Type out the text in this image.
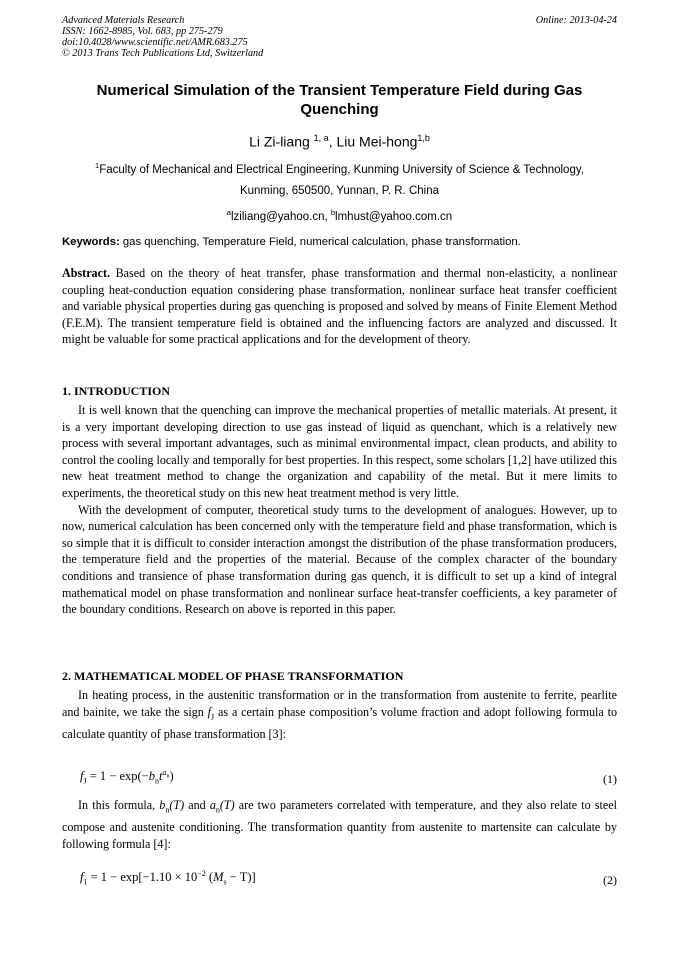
Advanced Materials Research
ISSN: 1662-8985, Vol. 683, pp 275-279
doi:10.4028/www.scientific.net/AMR.683.275
© 2013 Trans Tech Publications Ltd, Switzerland
Online: 2013-04-24
Numerical Simulation of the Transient Temperature Field during Gas Quenching
Li Zi-liang $^{1, a}$, Liu Mei-hong$^{1,b}$
$^1$Faculty of Mechanical and Electrical Engineering, Kunming University of Science & Technology,
Kunming, 650500, Yunnan, P. R. China
$^a$lziliang@yahoo.cn, $^b$lmhust@yahoo.com.cn
Keywords: gas quenching, Temperature Field, numerical calculation, phase transformation.

Abstract. Based on the theory of heat transfer, phase transformation and thermal non-elasticity, a nonlinear coupling heat-conduction equation considering phase transformation, nonlinear surface heat transfer coefficient and variable physical properties during gas quenching is proposed and solved by means of Finite Element Method (F.E.M). The transient temperature field is obtained and the influencing factors are analyzed and discussed. It might be valuable for some practical applications and for the development of theory.

1. INTRODUCTION

It is well known that the quenching can improve the mechanical properties of metallic materials. At present, it is a very important developing direction to use gas instead of liquid as quenchant, which is a relatively new process with several important advantages, such as minimal environmental impact, clean products, and ability to control the cooling locally and temporally for best properties. In this respect, some scholars [1,2] have utilized this new heat treatment method to change the organization and capability of the metal. But it mere limits to experiments, the theoretical study on this new heat treatment method is very little.

With the development of computer, theoretical study turns to the development of analogues. However, up to now, numerical calculation has been concerned only with the temperature field and phase transformation, which is so simple that it is difficult to consider interaction amongst the distribution of the phase transformation producers, the temperature field and the properties of the material. Because of the complex character of the boundary conditions and transience of phase transformation during gas quench, it is difficult to set up a kind of integral mathematical model on phase transformation and nonlinear surface heat-transfer coefficients, a key parameter of the boundary conditions. Research on above is reported in this paper.

2. MATHEMATICAL MODEL OF PHASE TRANSFORMATION

In heating process, in the austenitic transformation or in the transformation from austenite to ferrite, pearlite and bainite, we take the sign $f_J$ as a certain phase composition’s volume fraction and adopt following formula to calculate quantity of phase transformation [3]:

$f_J = 1 - \exp(-b_nt^{a_n})$	(1)

In this formula, $b_n(T)$ and $a_n(T)$ are two parameters correlated with temperature, and they also relate to steel compose and austenite conditioning. The transformation quantity from austenite to martensite can calculate by following formula [4]:

$f_1 = 1 - \exp[-1.10 \times 10^{-2}$ $(M_s - T)$]	(2)
